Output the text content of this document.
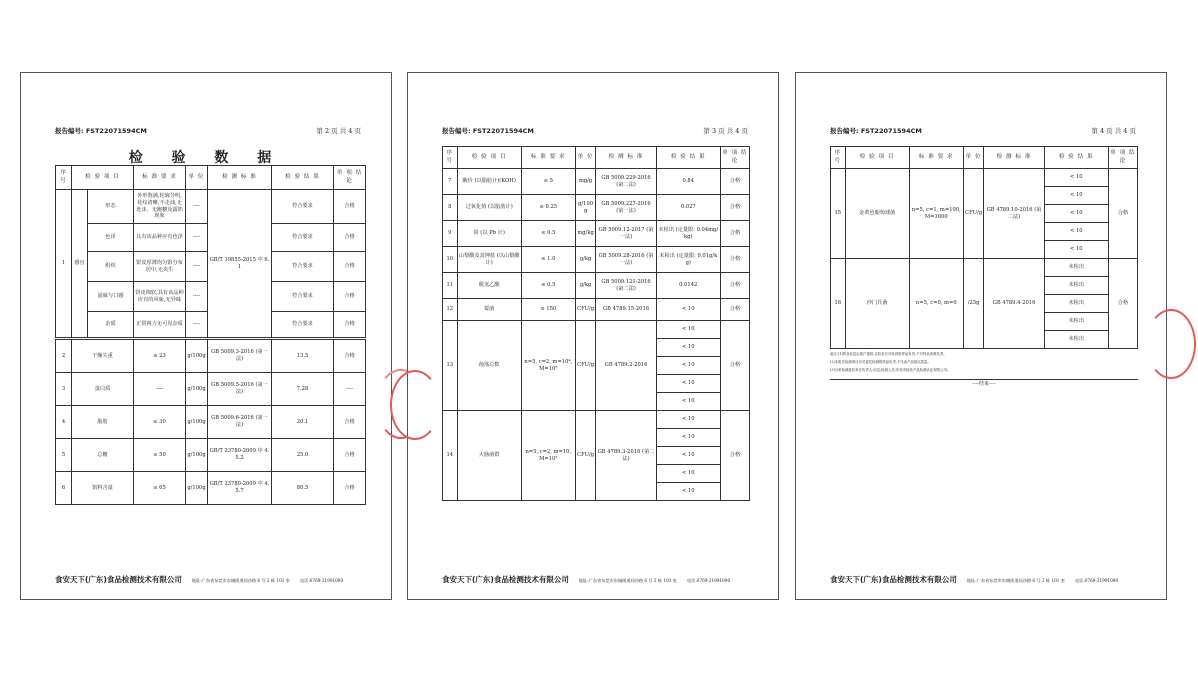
报告编号: FST22071594CM	第 2 页 共 4 页
检 验 数 据
序号	检 验 项 目		标 准 要 求	单 位	检 测 标 准	检 验 结 果	单 项 结 论
1	感官	形态	外形饱满,轮廓分明,花纹清晰,不走油,无迸沫、无跑糖及露馅现象	----	GB/T 19855-2015 中 6.1	符合要求	合格
		色泽	具有该品种应有色泽	----		符合要求	合格
		组织	饼皮厚薄均匀馅分布居中,无夹生	----		符合要求	合格
		滋味与口感	饼皮绵软,具有该品种应有的风味,无异味	----		符合要求	合格
		杂质	正常视力无可见杂质	----		符合要求	合格
2	干燥失重	≤ 23	g/100g	GB 5009.3-2016 (第一法)	13.5	合格
3	蛋白质	----	g/100g	GB 5009.5-2016 (第一法)	7.28	----
4	脂肪	≤ 30	g/100g	GB 5009.6-2016 (第一法)	20.1	合格
5	总糖	≤ 50	g/100g	GB/T 23780-2009 中 4.5.2	25.0	合格
6	馅料含量	≥ 65	g/100g	GB/T 23780-2009 中 4.5.7	80.5	合格
食安天下(广东)食品检测技术有限公司 地址:广东省东莞市东城街道同沙路 6 号 2 栋 101 室 电话:0769-21991090
报告编号: FST22071594CM	第 3 页 共 4 页
序号	检 验 项 目	标 准 要 求	单 位	检 测 标 准	检 验 结 果	单 项 结 论
7	酸价 (以脂肪计)(KOH)	≤ 5	mg/g	GB 5009.229-2016 (第二法)	0.84	合格
8	过氧化值 (以脂肪计)	≤ 0.25	g/100g	GB 5009.227-2016 (第一法)	0.027	合格
9	铅 (以 Pb 计)	≤ 0.5	mg/kg	GB 5009.12-2017 (第一法)	未检出 (定量限: 0.04mg/kg)	合格
10	山梨酸及其钾盐 (以山梨酸计)	≤ 1.0	g/kg	GB 5009.28-2016 (第一法)	未检出 (定量限: 0.01g/kg)	合格
11	脱氢乙酸	≤ 0.5	g/kg	GB 5009.121-2016 (第二法)	0.0142	合格
12	霉菌	≤ 150	CFU/g	GB 4789.15-2016	< 10	合格
13	菌落总数	n=5, c=2, m=10⁴, M=10⁵	CFU/g	GB 4789.2-2016	< 10	合格
					< 10	
					< 10	
					< 10	
					< 10	
14	大肠菌群	n=5, c=2, m=10, M=10²	CFU/g	GB 4789.3-2016 (第二法)	< 10	合格
					< 10	
					< 10	
					< 10	
					< 10	
食安天下(广东)食品检测技术有限公司 地址:广东省东莞市东城街道同沙路 6 号 2 栋 101 室 电话:0769-21991090
报告编号: FST22071594CM	第 4 页 共 4 页
序号	检 验 项 目	标 准 要 求	单 位	检 测 标 准	检 验 结 果	单 项 结 论
15	金黄色葡萄球菌	n=5, c=1, m=100, M=1000	CFU/g	GB 4789.10-2016 (第二法)	< 10	合格
					< 10	
					< 10	
					< 10	
					< 10	
16	沙门氏菌	n=5, c=0, m=0	/25g	GB 4789.4-2016	未检出	合格
					未检出	
					未检出	
					未检出	
					未检出	
备注:(1)样品信息由客户提供,实验室仅对收到的样品负责,不对样品来源负责。
(2)本报告检测项目仅对委托检测的样品负责,不代表产品批次质量。
(3)分析检测委托单位负责人:信息;检测人员:东莞市检验产品检测认证有限公司。
----结束----
食安天下(广东)食品检测技术有限公司 地址:广东省东莞市东城街道同沙路 6 号 2 栋 101 室 电话:0769-21991090
